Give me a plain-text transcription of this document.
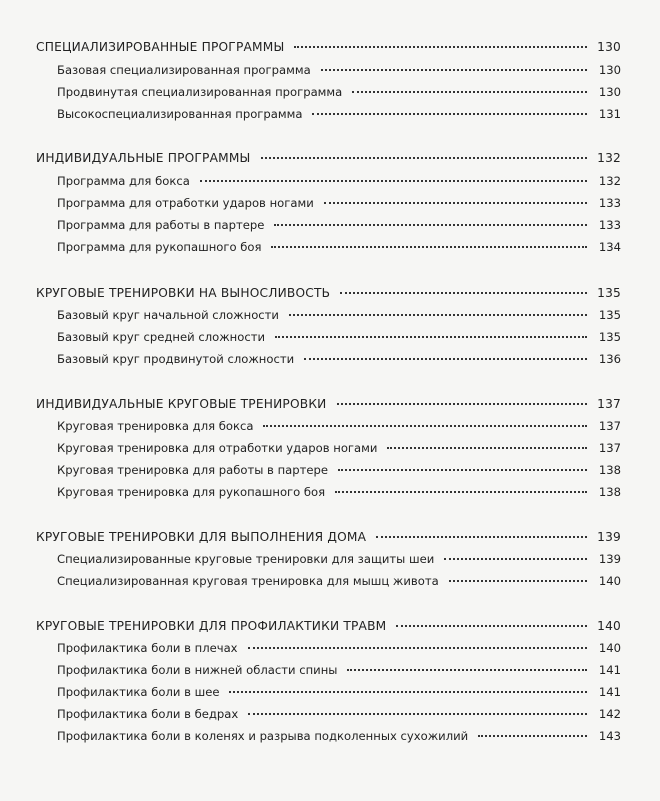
СПЕЦИАЛИЗИРОВАННЫЕ ПРОГРАММЫ	130
Базовая специализированная программа	130
Продвинутая специализированная программа	130
Высокоспециализированная программа	131
ИНДИВИДУАЛЬНЫЕ ПРОГРАММЫ	132
Программа для бокса	132
Программа для отработки ударов ногами	133
Программа для работы в партере	133
Программа для рукопашного боя	134
КРУГОВЫЕ ТРЕНИРОВКИ НА ВЫНОСЛИВОСТЬ	135
Базовый круг начальной сложности	135
Базовый круг средней сложности	135
Базовый круг продвинутой сложности	136
ИНДИВИДУАЛЬНЫЕ КРУГОВЫЕ ТРЕНИРОВКИ	137
Круговая тренировка для бокса	137
Круговая тренировка для отработки ударов ногами	137
Круговая тренировка для работы в партере	138
Круговая тренировка для рукопашного боя	138
КРУГОВЫЕ ТРЕНИРОВКИ ДЛЯ ВЫПОЛНЕНИЯ ДОМА	139
Специализированные круговые тренировки для защиты шеи	139
Специализированная круговая тренировка для мышц живота	140
КРУГОВЫЕ ТРЕНИРОВКИ ДЛЯ ПРОФИЛАКТИКИ ТРАВМ	140
Профилактика боли в плечах	140
Профилактика боли в нижней области спины	141
Профилактика боли в шее	141
Профилактика боли в бедрах	142
Профилактика боли в коленях и разрыва подколенных сухожилий	143
